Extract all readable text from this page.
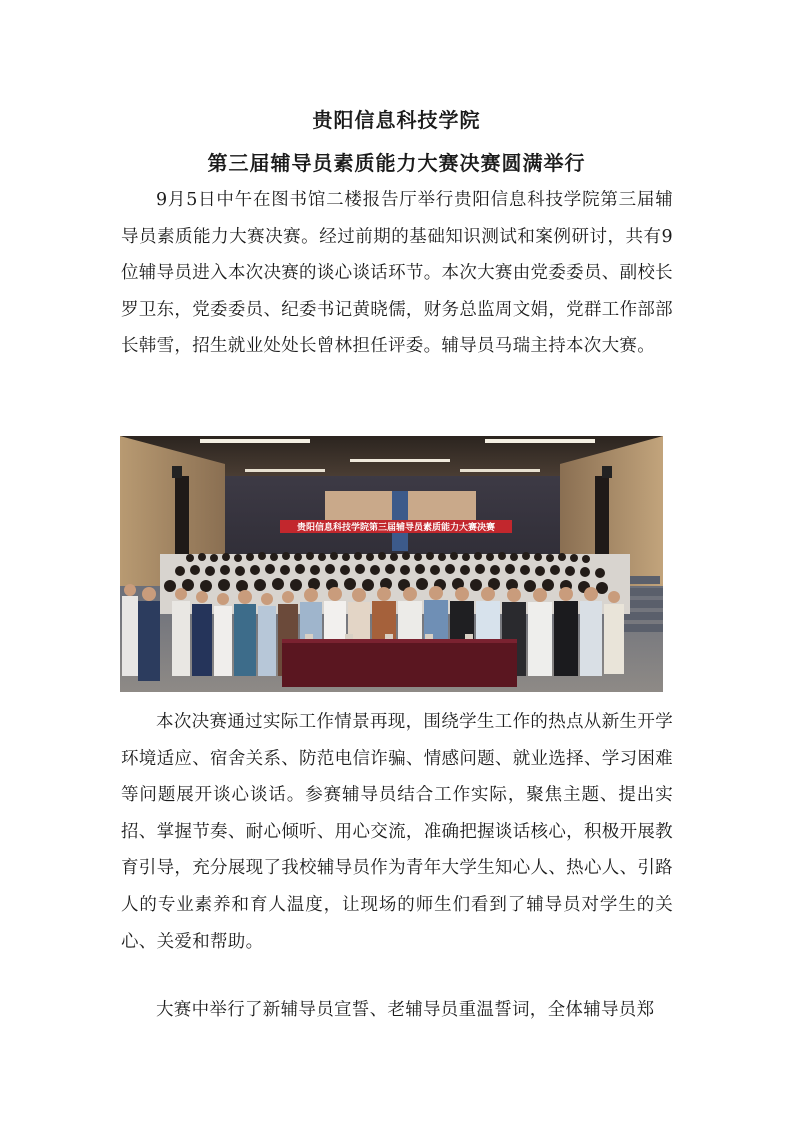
贵阳信息科技学院
第三届辅导员素质能力大赛决赛圆满举行

9月5日中午在图书馆二楼报告厅举行贵阳信息科技学院第三届辅导员素质能力大赛决赛。经过前期的基础知识测试和案例研讨，共有9位辅导员进入本次决赛的谈心谈话环节。本次大赛由党委委员、副校长罗卫东，党委委员、纪委书记黄晓儒，财务总监周文娟，党群工作部部长韩雪，招生就业处处长曾林担任评委。辅导员马瑞主持本次大赛。

贵阳信息科技学院第三届辅导员素质能力大赛决赛

本次决赛通过实际工作情景再现，围绕学生工作的热点从新生开学环境适应、宿舍关系、防范电信诈骗、情感问题、就业选择、学习困难等问题展开谈心谈话。参赛辅导员结合工作实际，聚焦主题、提出实招、掌握节奏、耐心倾听、用心交流，准确把握谈话核心，积极开展教育引导，充分展现了我校辅导员作为青年大学生知心人、热心人、引路人的专业素养和育人温度，让现场的师生们看到了辅导员对学生的关心、关爱和帮助。

大赛中举行了新辅导员宣誓、老辅导员重温誓词，全体辅导员郑
